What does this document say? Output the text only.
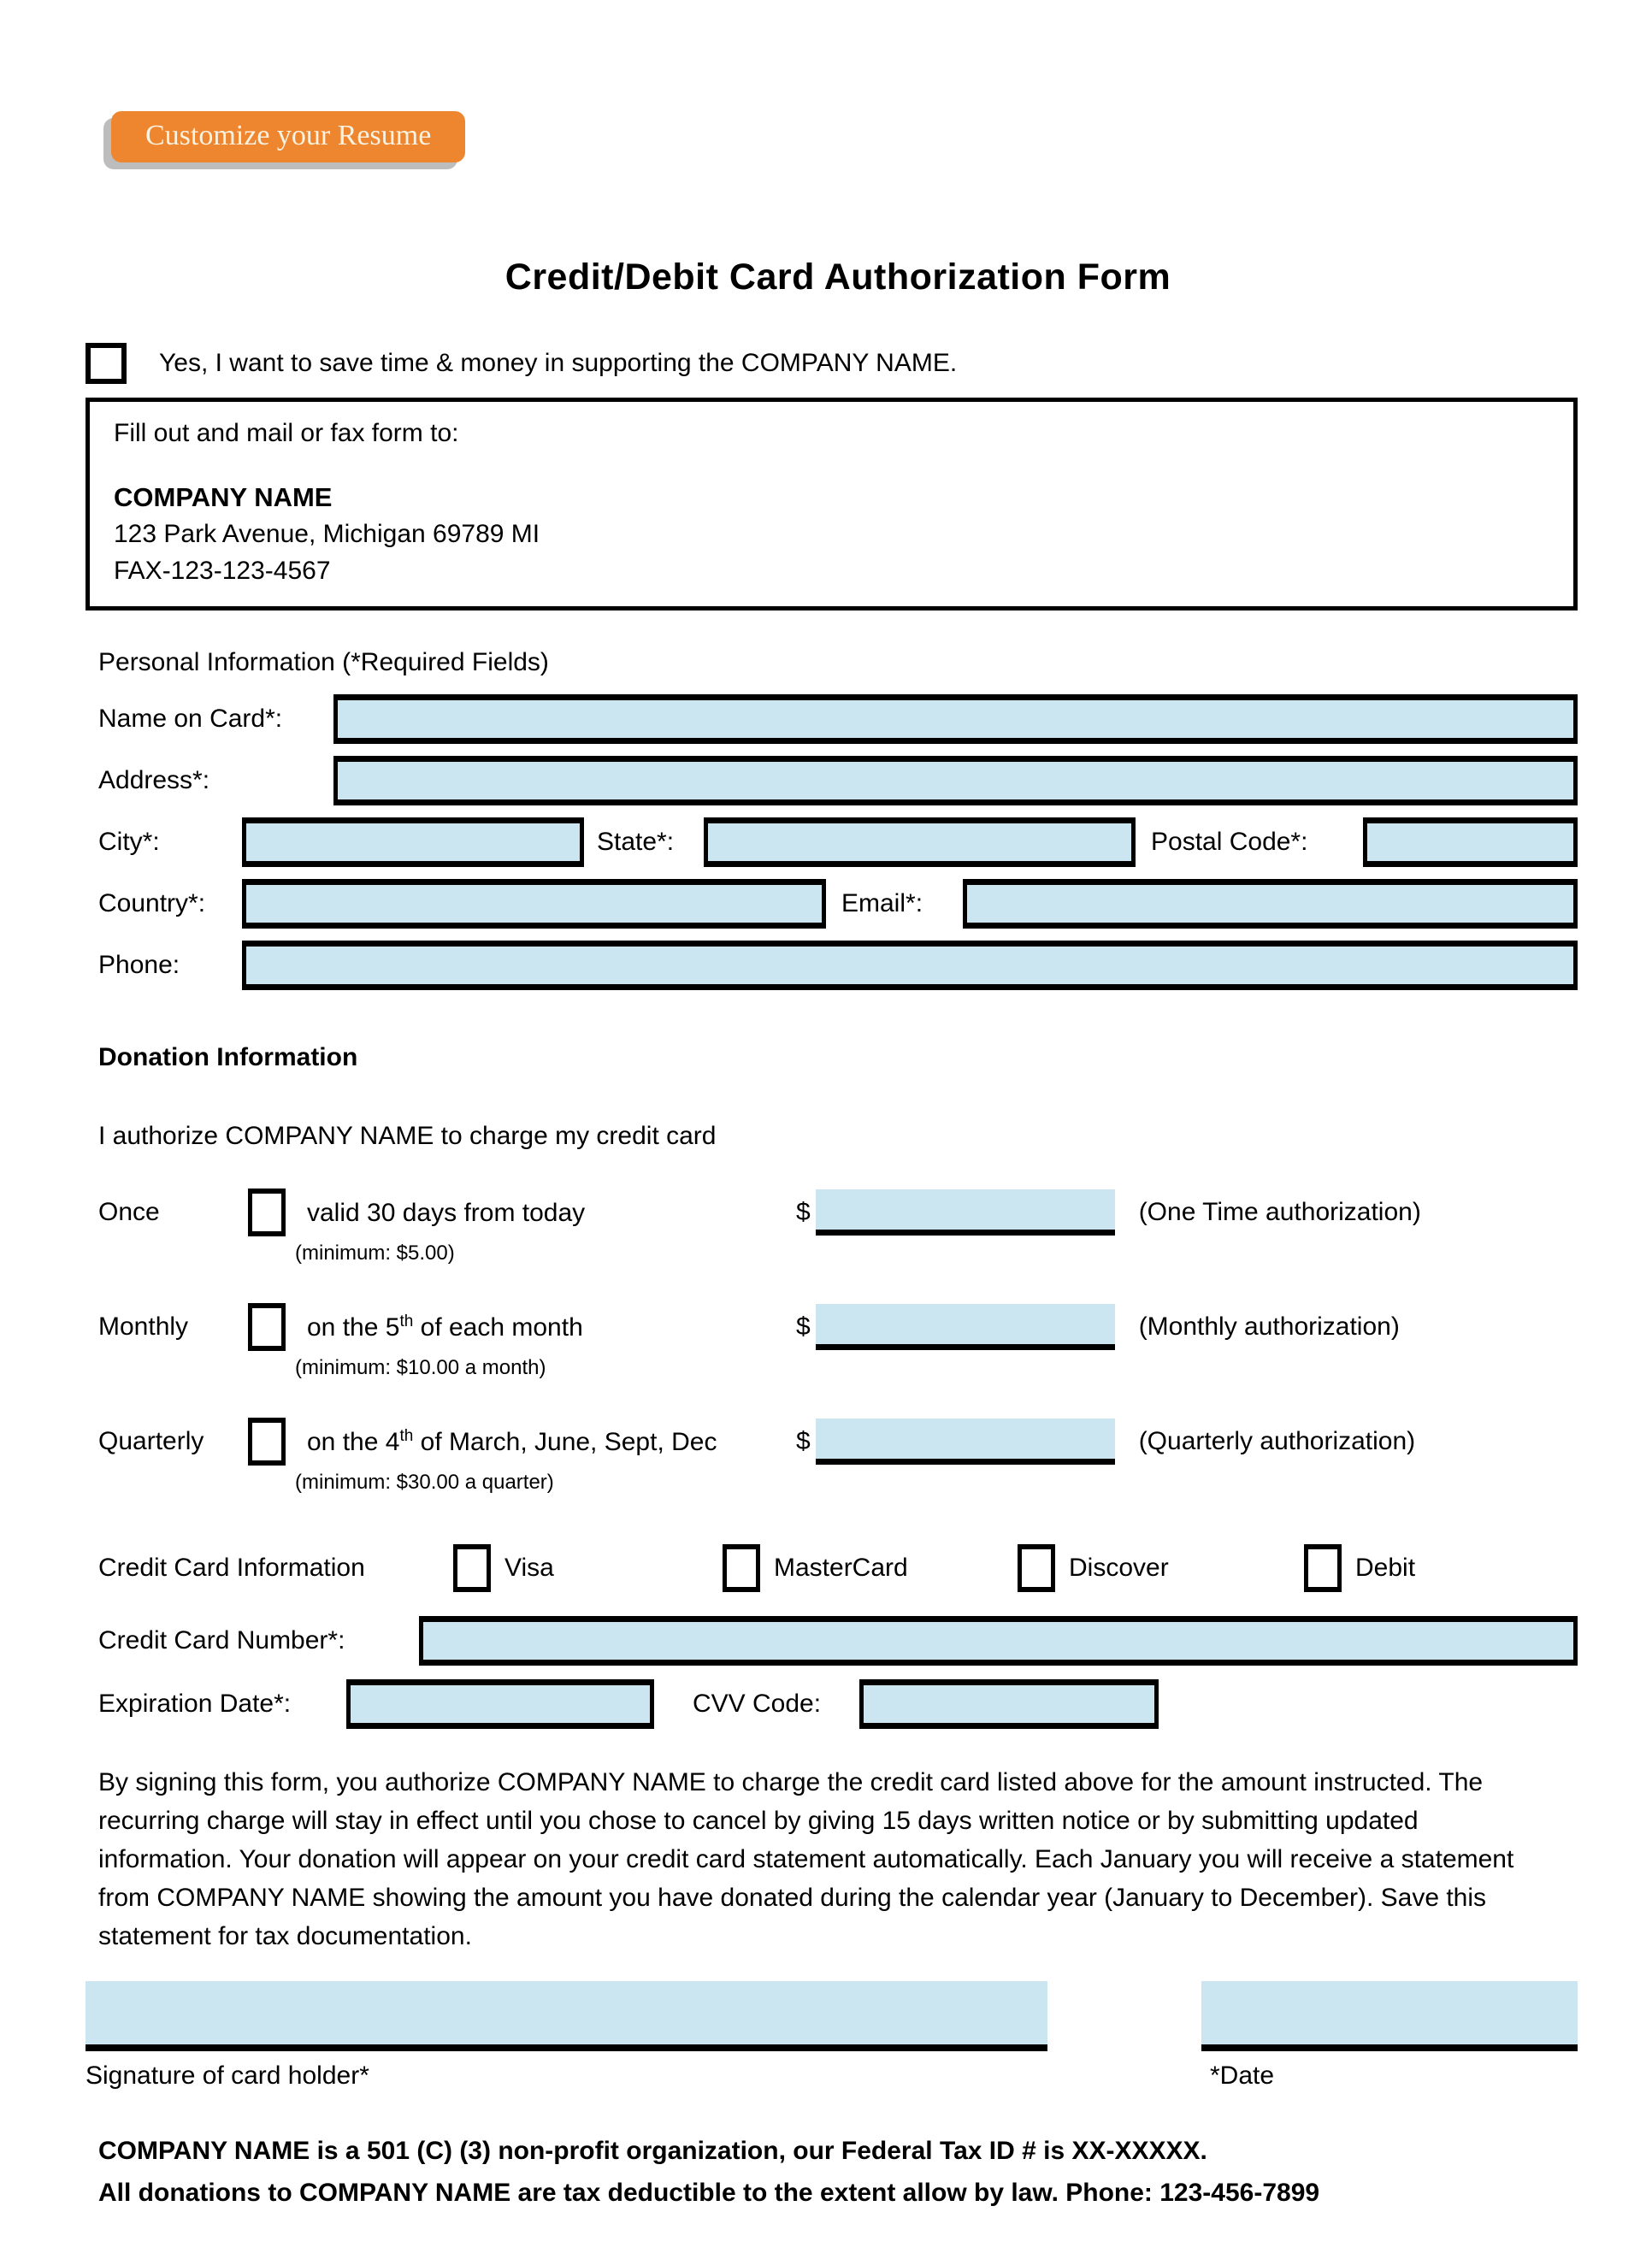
Customize your Resume
Credit/Debit Card Authorization Form
Yes, I want to save time & money in supporting the COMPANY NAME.
Fill out and mail or fax form to:
COMPANY NAME
123 Park Avenue, Michigan 69789 MI
FAX-123-123-4567
Personal Information (*Required Fields)
Name on Card*:
Address*:
City*:	State*:	Postal Code*:
Country*:	Email*:
Phone:
Donation Information
I authorize COMPANY NAME to charge my credit card
Once	valid 30 days from today	$	(One Time authorization)
(minimum: $5.00)
Monthly	on the 5th of each month	$	(Monthly authorization)
(minimum: $10.00 a month)
Quarterly	on the 4th of March, June, Sept, Dec	$	(Quarterly authorization)
(minimum: $30.00 a quarter)
Credit Card Information	Visa	MasterCard	Discover	Debit
Credit Card Number*:
Expiration Date*:	CVV Code:
By signing this form, you authorize COMPANY NAME to charge the credit card listed above for the amount instructed. The recurring charge will stay in effect until you chose to cancel by giving 15 days written notice or by submitting updated information. Your donation will appear on your credit card statement automatically. Each January you will receive a statement from COMPANY NAME showing the amount you have donated during the calendar year (January to December). Save this statement for tax documentation.
Signature of card holder*	*Date
COMPANY NAME is a 501 (C) (3) non-profit organization, our Federal Tax ID # is XX-XXXXX.
All donations to COMPANY NAME are tax deductible to the extent allow by law. Phone: 123-456-7899
